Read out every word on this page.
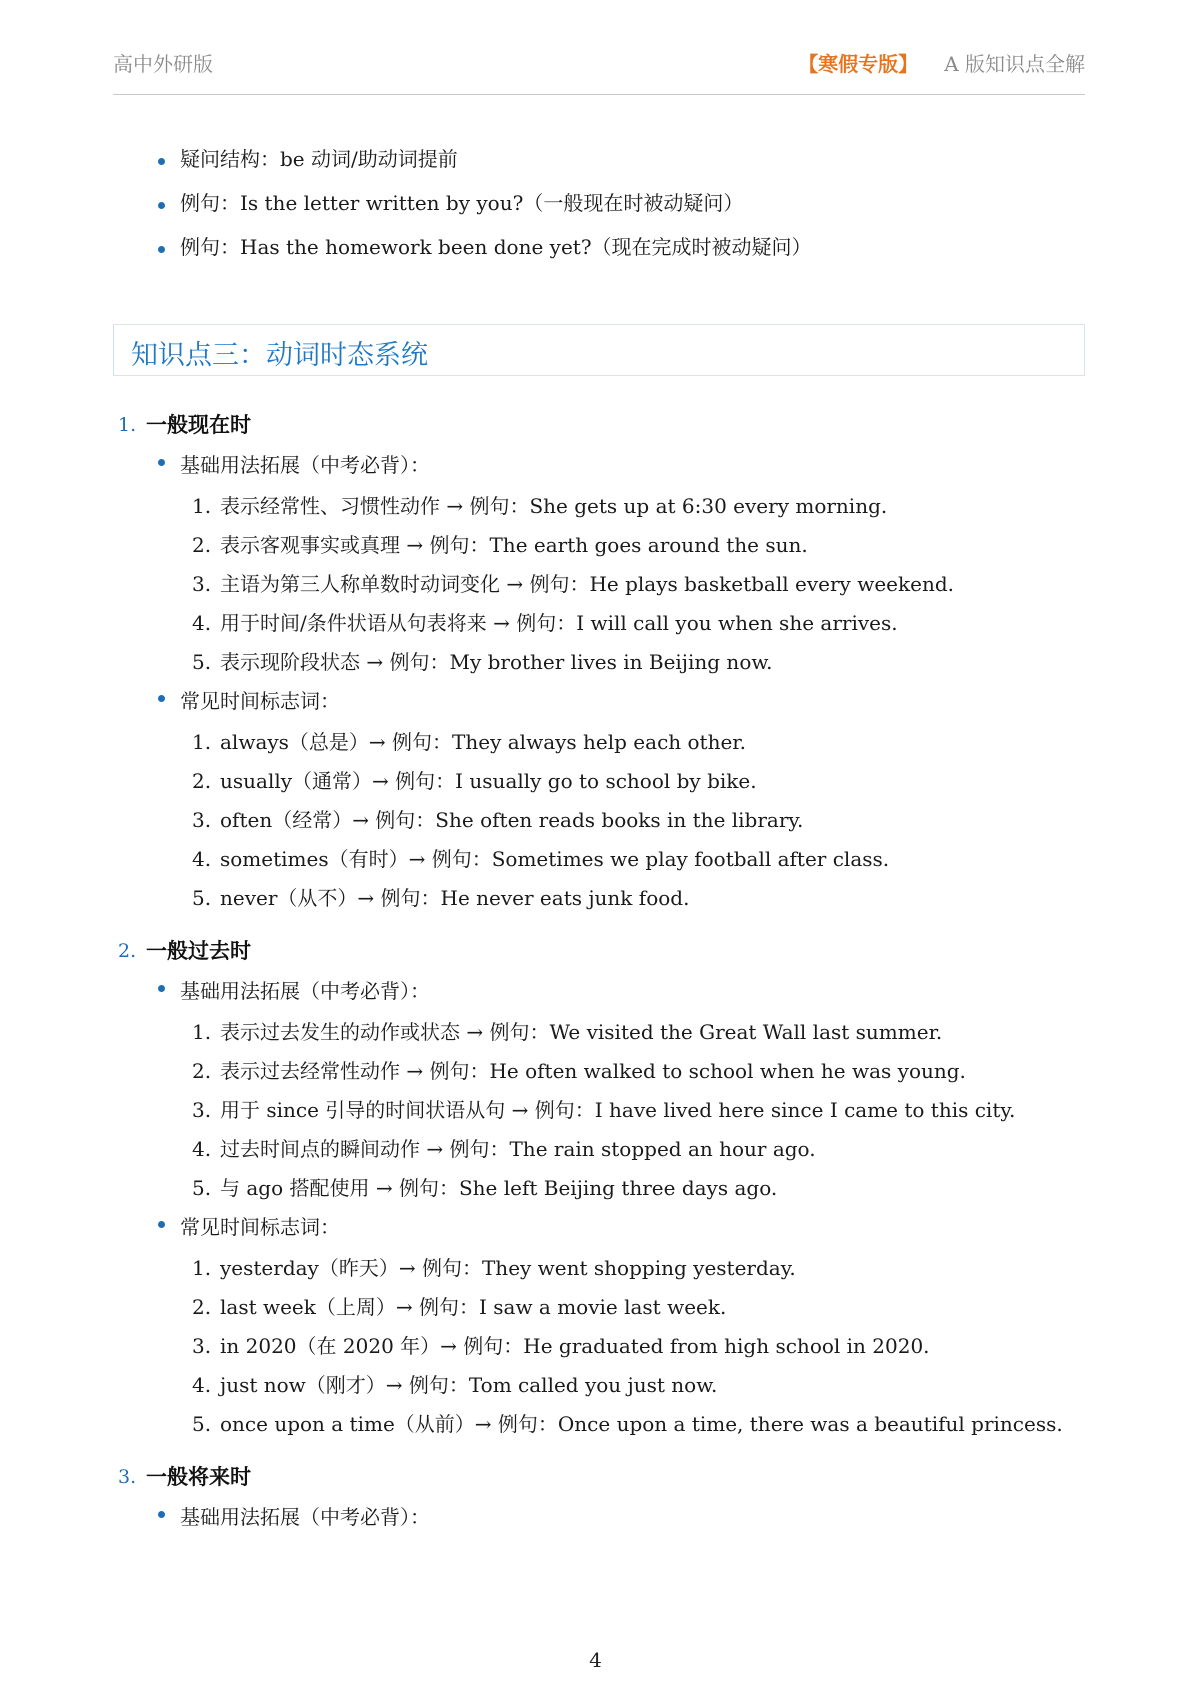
高中外研版	【寒假专版】 A 版知识点全解
疑问结构：be 动词/助动词提前
例句：Is the letter written by you?（一般现在时被动疑问）
例句：Has the homework been done yet?（现在完成时被动疑问）
知识点三：动词时态系统
1. 一般现在时
基础用法拓展（中考必背）：
1. 表示经常性、习惯性动作 → 例句：She gets up at 6:30 every morning.
2. 表示客观事实或真理 → 例句：The earth goes around the sun.
3. 主语为第三人称单数时动词变化 → 例句：He plays basketball every weekend.
4. 用于时间/条件状语从句表将来 → 例句：I will call you when she arrives.
5. 表示现阶段状态 → 例句：My brother lives in Beijing now.
常见时间标志词：
1. always（总是）→ 例句：They always help each other.
2. usually（通常）→ 例句：I usually go to school by bike.
3. often（经常）→ 例句：She often reads books in the library.
4. sometimes（有时）→ 例句：Sometimes we play football after class.
5. never（从不）→ 例句：He never eats junk food.
2. 一般过去时
基础用法拓展（中考必背）：
1. 表示过去发生的动作或状态 → 例句：We visited the Great Wall last summer.
2. 表示过去经常性动作 → 例句：He often walked to school when he was young.
3. 用于 since 引导的时间状语从句 → 例句：I have lived here since I came to this city.
4. 过去时间点的瞬间动作 → 例句：The rain stopped an hour ago.
5. 与 ago 搭配使用 → 例句：She left Beijing three days ago.
常见时间标志词：
1. yesterday（昨天）→ 例句：They went shopping yesterday.
2. last week（上周）→ 例句：I saw a movie last week.
3. in 2020（在 2020 年）→ 例句：He graduated from high school in 2020.
4. just now（刚才）→ 例句：Tom called you just now.
5. once upon a time（从前）→ 例句：Once upon a time, there was a beautiful princess.
3. 一般将来时
基础用法拓展（中考必背）：
4
